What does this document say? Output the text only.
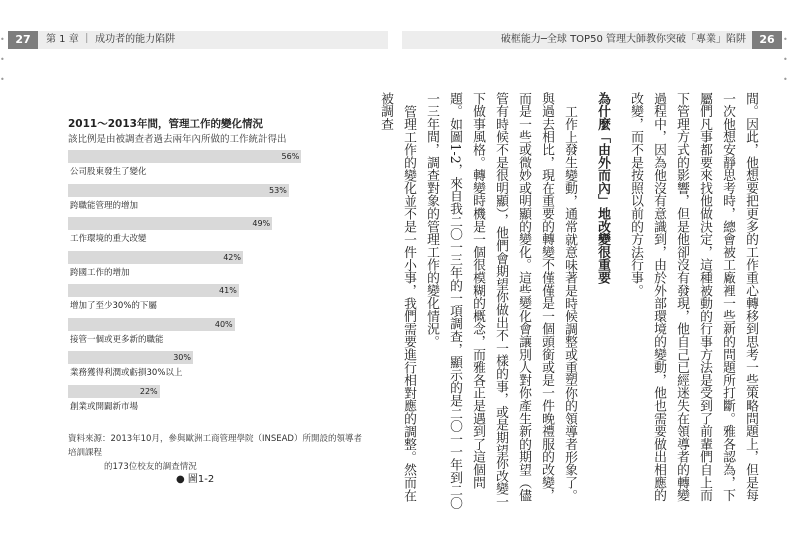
•
•
•
•
•
•
27	第 1 章 ｜ 成功者的能力陷阱	破框能力─全球 TOP50 管理大師教你突破「專業」陷阱	26
2011〜2013年間，管理工作的變化情況
該比例是由被調查者過去兩年內所做的工作統計得出
56%
公司股東發生了變化
53%
跨職能管理的增加
49%
工作環境的重大改變
42%
跨國工作的增加
41%
增加了至少30%的下屬
40%
接管一個或更多新的職能
30%
業務獲得利潤或虧損30%以上
22%
創業或開闢新市場
資料來源：2013年10月，參與歐洲工商管理學院（INSEAD）所開設的領導者培訓課程
的173位校友的調查情況
● 圖1-2	間。因此，他想要把更多的工作重心轉移到思考一些策略問題上，但是每一次他想安靜思考時，總會被工廠裡一些新的問題所打斷。雅各認為，下屬們凡事都要來找他做決定，這種被動的行事方法是受到了前輩們自上而下管理方式的影響，但是他卻沒有發現，他自己已經迷失在領導者的轉變過程中，因為他沒有意識到，由於外部環境的變動，他也需要做出相應的改變，而不是按照以前的方法行事。

為什麼「由外而內」地改變很重要

工作上發生變動，通常就意味著是時候調整或重塑你的領導者形象了。與過去相比，現在重要的轉變不僅僅是一個頭銜或是一件晚禮服的改變，而是一些或微妙或明顯的變化。這些變化會讓別人對你產生新的期望（儘管有時候不是很明顯），他們會期望你做出不一樣的事，或是期望你改變一下做事風格。轉變時機是一個很模糊的概念，而雅各正是遇到了這個問題。如圖1-2，來自我二〇一三年的一項調查，顯示的是二〇一一年到二〇一三年間，調查對象的管理工作的變化情況。

管理工作的變化並不是一件小事，我們需要進行相對應的調整。然而在被調查
